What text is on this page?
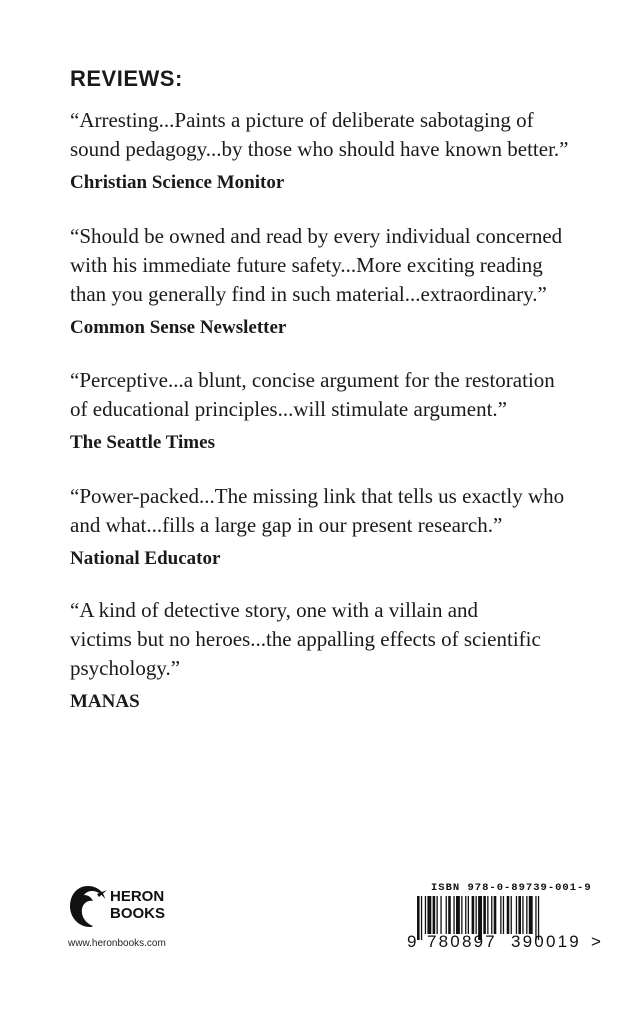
REVIEWS:

“Arresting...Paints a picture of deliberate sabotaging of
sound pedagogy...by those who should have known better.”

Christian Science Monitor

“Should be owned and read by every individual concerned
with his immediate future safety...More exciting reading
than you generally find in such material...extraordinary.”

Common Sense Newsletter

“Perceptive...a blunt, concise argument for the restoration
of educational principles...will stimulate argument.”

The Seattle Times

“Power-packed...The missing link that tells us exactly who
and what...fills a large gap in our present research.”

National Educator

“A kind of detective story, one with a villain and
victims but no heroes...the appalling effects of scientific
psychology.”

MANAS
HERON
BOOKS
www.heronbooks.com
ISBN 978-0-89739-001-9
9 780897 390019 >
